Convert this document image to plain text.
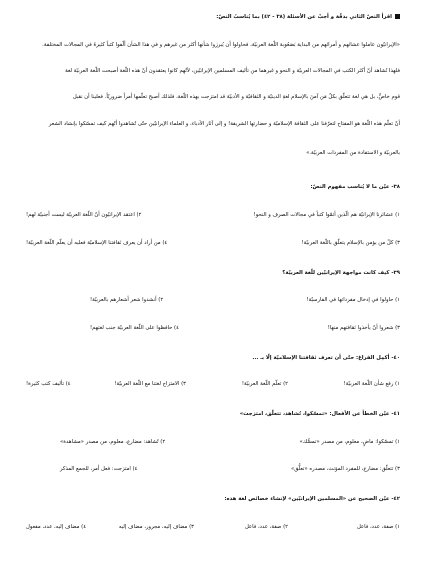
اقرأ النصّ الثاني بدقّة و أجبْ عن الأسئلة (٣٨ - ٤٢) بما يُناسبُ النصّ:
«الإيرانيّون عاملوا عشائهم و أمرائهم من البداية بَصَعُوبة اللّغة العربيّة، فحاولوا أن يُبرزوا شأنها أكثر من غيرهم و في هذا الشأن ألّفوا كتباً كثيرةً في المجالات المختلفة.
فلهذا نُشاهد أنّ أكثر الكتب في المجالات العربيّة و النحو و غيرهما من تأليف المسلمين الإيرانيّين، لأنّهم كانوا يعتقدون أنّ هذه اللّغة أصبحت اللّغة العربيّة لغة
قوم خاصٍّ، بل هي لغة تتعلّق بكلّ مَن آمنَ بالإسلام لغةِ الدينيّة و الثقافيّة و الأدبيّة قد امتزجت بهذه اللّغة، فلذلك أصبح تعلّمها أمراً ضروريّاً. فعلينا أن نقبل
أنّ تعلّم هذه اللّغة هو المفتاح لتعرّفنا على الثقافة الإسلاميّة و حضارتها الشريفة! و إلى آثار الأدباء، و العلماء الإيرانيّين حتّى تُشاهدوا أنّهم كيف تمسّكوا بإنشاد الشعر
بالعربيّة و الاستفادة من المفردات العربيّة.»
٣٨- عيّن ما لا يُناسب مفهوم النصّ:
١) عشائرنا الإيرانيّة هم الّذين أتمّوا كتباً في مجالات الصرف و النحو!
٢) اعتقد الإيرانيّون أنّ اللّغة العربيّة ليست أجنبيّة لهم!
٣) كلّ من يؤمن بالإسلام يتعلّق باللّغة العربيّة!
٤) من أراد أن يعرف ثقافتنا الإسلاميّة فعليه أن يعلّم اللّغة العربيّة!
٣٩- كيف كانت مواجهة الإيرانيّين للّغة العربيّة؟
١) حاولوا في إدخال مفرداتها في الفارسيّة!
٢) أنشدوا شعر أشعارهم بالعربيّة!
٣) شعروا أنّ يأخذوا ثقافتهم منها!
٤) حافظوا على اللّغة العربيّة جنب لغتهم!
٤٠- أكمِل الفراغ: حتّى أن تعرف ثقافتنا الإسلاميّة إلّا بـ ...
١) رفع شأن اللّغة العربيّة!
٢) تعلّم اللّغة العربيّة!
٣) الامتزاج لغتنا مع اللّغة العربيّة!
٤) تأليف كتب كثيرة!
٤١- عيّن الخطأ عن الأفعال: «تمسّكوا، تُشاهد، تتعلّق، امتزجت»
١) تمسّكوا: ماضٍ، معلوم، من مصدر «تمسُّك»
٢) تُشاهد: مضارع، معلوم، من مصدر «مشاهدة»
٣) تتعلّق: مضارع، للمفرد المؤنث، مصدره «تعلُّق»
٤) امتزجت: فعل أمر، للجمع المذكر
٤٢- عيّن الصحيح عن «المسلمين الإيرانيّين» لإنشاء خصائص لغة هذه:
١) صفة، عدد، فاعل
٢) صفة، عدد، فاعل
٣) مضاف إليه، مجرور، مضاف إليه
٤) مضاف إليه، عدد، مفعول
